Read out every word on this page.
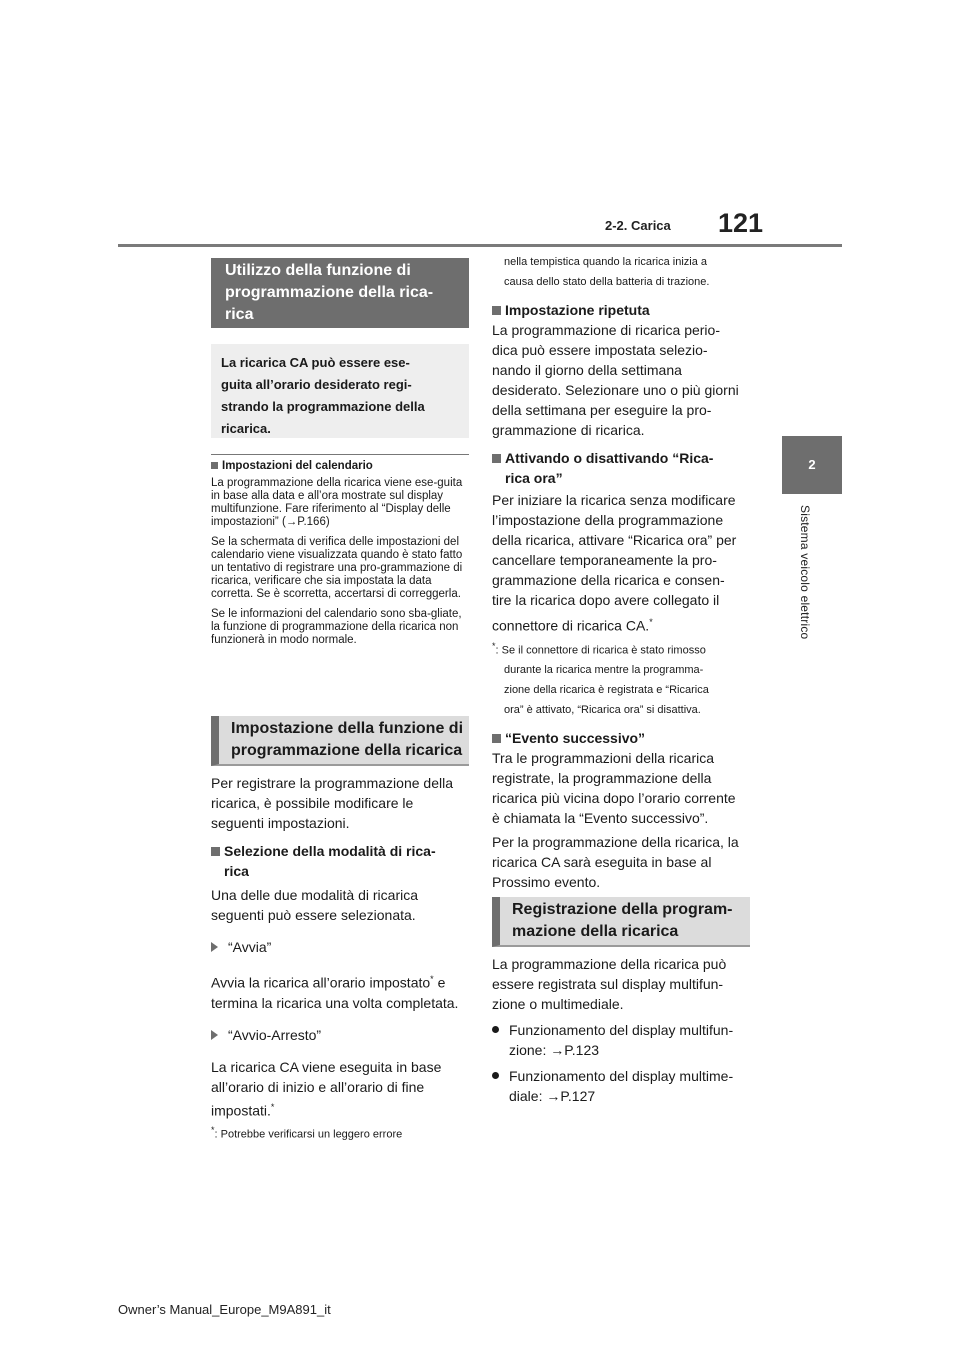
2-2. Carica 121
2
Sistema veicolo elettrico
Utilizzo della funzione di
programmazione della rica-
rica
La ricarica CA può essere ese-
guita all’orario desiderato regi-
strando la programmazione della
ricarica.

Impostazioni del calendario

La programmazione della ricarica viene ese-guita in base alla data e all’ora mostrate sul display multifunzione. Fare riferimento al “Display delle impostazioni” (→P.166)

Se la schermata di verifica delle impostazioni del calendario viene visualizzata quando è stato fatto un tentativo di registrare una pro-grammazione di ricarica, verificare che sia impostata la data corretta. Se è scorretta, accertarsi di correggerla.

Se le informazioni del calendario sono sba-gliate, la funzione di programmazione della ricarica non funzionerà in modo normale.

Impostazione della funzione di
programmazione della ricarica
Per registrare la programmazione della
ricarica, è possibile modificare le
seguenti impostazioni.
Selezione della modalità di rica-
rica
Una delle due modalità di ricarica
seguenti può essere selezionata.
“Avvia”
Avvia la ricarica all’orario impostato* e
termina la ricarica una volta completata.
“Avvio-Arresto”
La ricarica CA viene eseguita in base
all’orario di inizio e all’orario di fine
impostati.*
*: Potrebbe verificarsi un leggero errore
nella tempistica quando la ricarica inizia a
causa dello stato della batteria di trazione.
Impostazione ripetuta
La programmazione di ricarica perio-
dica può essere impostata selezio-
nando il giorno della settimana
desiderato. Selezionare uno o più giorni
della settimana per eseguire la pro-
grammazione di ricarica.
Attivando o disattivando “Rica-
rica ora”
Per iniziare la ricarica senza modificare
l’impostazione della programmazione
della ricarica, attivare “Ricarica ora” per
cancellare temporaneamente la pro-
grammazione della ricarica e consen-
tire la ricarica dopo avere collegato il
connettore di ricarica CA.*
*: Se il connettore di ricarica è stato rimosso
durante la ricarica mentre la programma-
zione della ricarica è registrata e “Ricarica
ora” è attivato, “Ricarica ora” si disattiva.
“Evento successivo”
Tra le programmazioni della ricarica
registrate, la programmazione della
ricarica più vicina dopo l’orario corrente
è chiamata la “Evento successivo”.
Per la programmazione della ricarica, la
ricarica CA sarà eseguita in base al
Prossimo evento.
Registrazione della program-
mazione della ricarica
La programmazione della ricarica può
essere registrata sul display multifun-
zione o multimediale.
Funzionamento del display multifun-
zione: →P.123
Funzionamento del display multime-
diale: →P.127
Owner’s Manual_Europe_M9A891_it
